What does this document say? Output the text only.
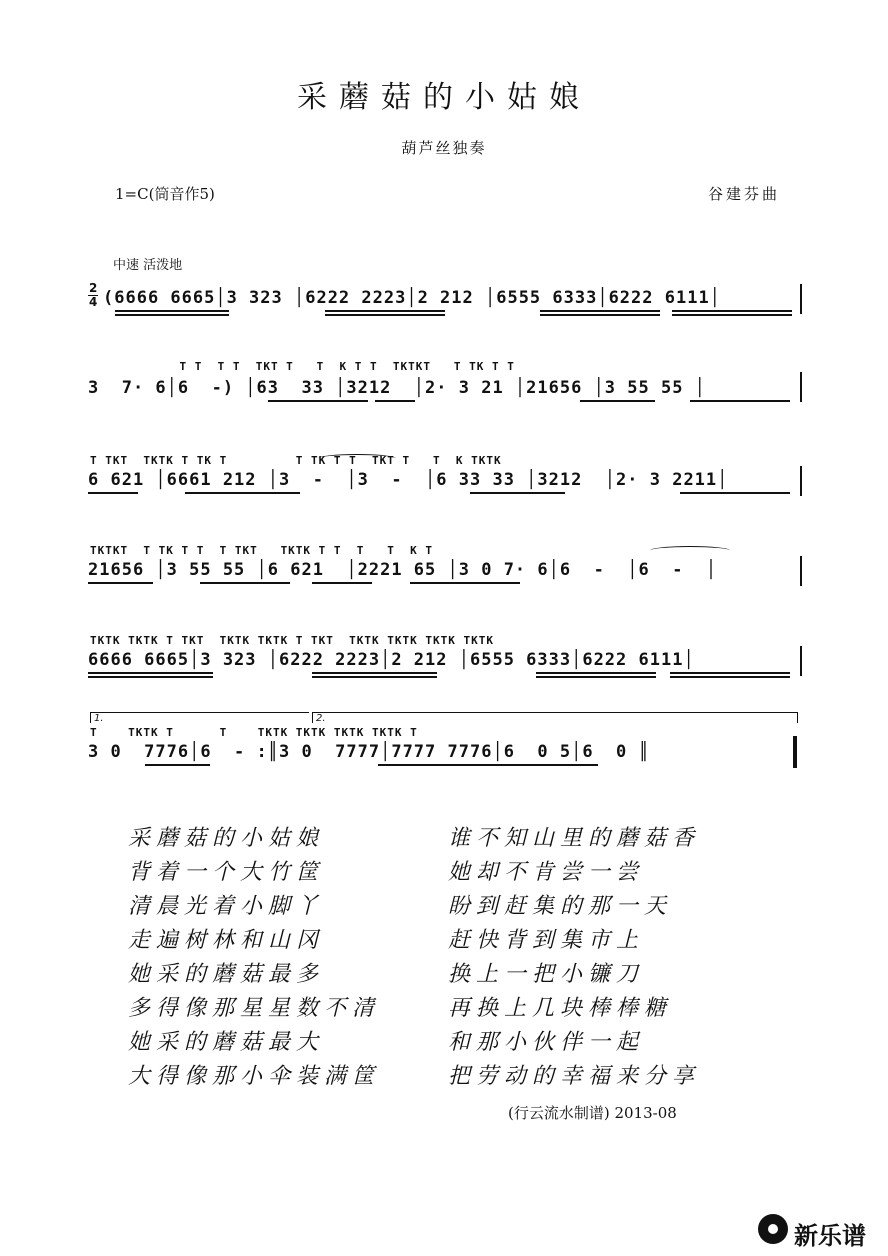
采蘑菇的小姑娘
葫芦丝独奏
1=C(筒音作5)	谷建芬曲
中速 活泼地
2
4 (6666 6665│3 323 │6222 2223│2 212 │6555 6333│6222 6111│
T T  T T  TKT T   T  K T T  TKTKT   T TK T T
3  7· 6│6  -) │63  33 │3212  │2· 3 21 │21656 │3 55 55 │
T TKT  TKTK T TK T         T TK T T  TKT T   T  K TKTK
6 621 │6661 212 │3  -  │3  -  │6 33 33 │3212  │2· 3 2211│
TKTKT  T TK T T  T TKT   TKTK T T  T   T  K T
21656 │3 55 55 │6 621  │2221 65 │3 0 7· 6│6  -  │6  -  │
TKTK TKTK T TKT  TKTK TKTK T TKT  TKTK TKTK TKTK TKTK
6666 6665│3 323 │6222 2223│2 212 │6555 6333│6222 6111│
1.	2.
T    TKTK T      T    TKTK TKTK TKTK TKTK T
3 0  7776│6  - :║3 0  7777│7777 7776│6  0 5│6  0 ║
采蘑菇的小姑娘
背着一个大竹筐
清晨光着小脚丫
走遍树林和山冈
她采的蘑菇最多
多得像那星星数不清
她采的蘑菇最大
大得像那小伞装满筐
谁不知山里的蘑菇香
她却不肯尝一尝
盼到赶集的那一天
赶快背到集市上
换上一把小镰刀
再换上几块棒棒糖
和那小伙伴一起
把劳动的幸福来分享
(行云流水制谱) 2013-08
新乐谱
